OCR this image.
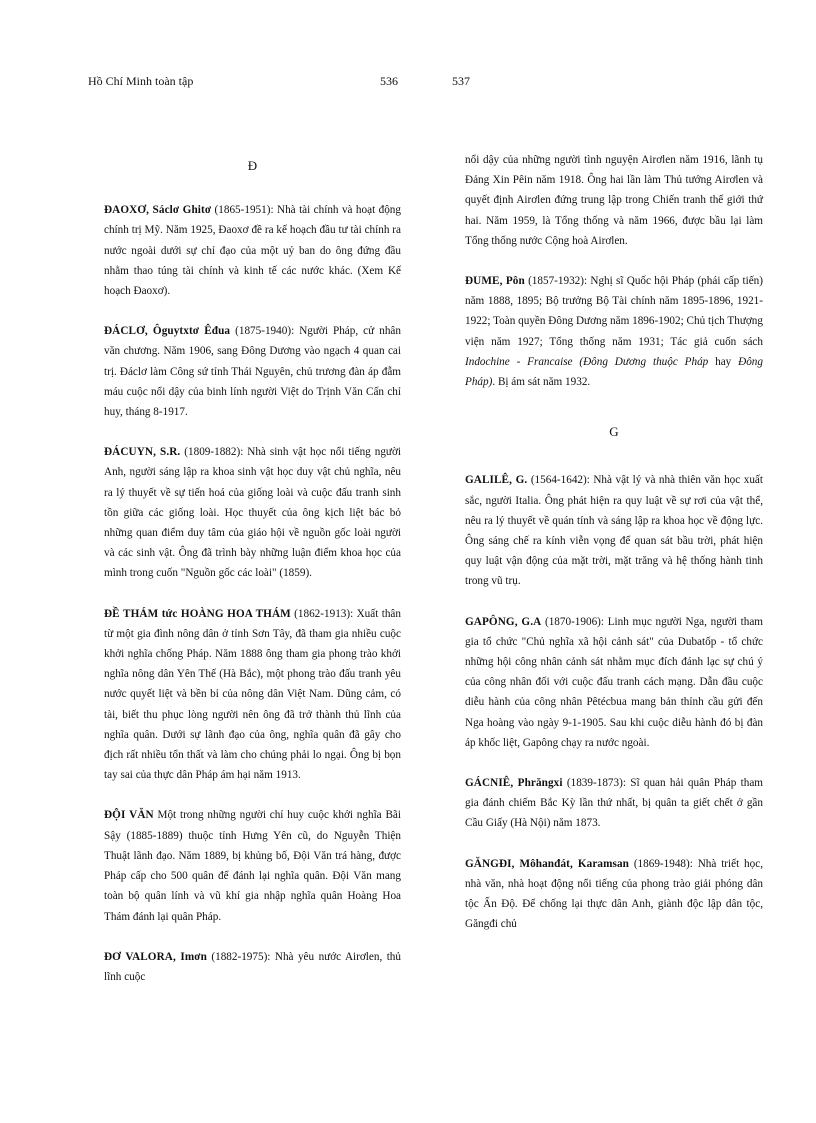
Hồ Chí Minh toàn tập	536	537
Đ

ĐAOXƠ, Sáclơ Ghitơ (1865-1951): Nhà tài chính và hoạt động chính trị Mỹ. Năm 1925, Đaoxơ đề ra kế hoạch đầu tư tài chính ra nước ngoài dưới sự chỉ đạo của một uỷ ban do ông đứng đầu nhằm thao túng tài chính và kinh tế các nước khác. (Xem Kế hoạch Đaoxơ).

ĐÁCLƠ, Ôguytxtơ Êđua (1875-1940): Người Pháp, cử nhân văn chương. Năm 1906, sang Đông Dương vào ngạch 4 quan cai trị. Đáclơ làm Công sứ tỉnh Thái Nguyên, chủ trương đàn áp đẫm máu cuộc nổi dậy của binh lính người Việt do Trịnh Văn Cấn chỉ huy, tháng 8-1917.

ĐÁCUYN, S.R. (1809-1882): Nhà sinh vật học nổi tiếng người Anh, người sáng lập ra khoa sinh vật học duy vật chủ nghĩa, nêu ra lý thuyết về sự tiến hoá của giống loài và cuộc đấu tranh sinh tồn giữa các giống loài. Học thuyết của ông kịch liệt bác bỏ những quan điểm duy tâm của giáo hội về nguồn gốc loài người và các sinh vật. Ông đã trình bày những luận điểm khoa học của mình trong cuốn "Nguồn gốc các loài" (1859).

ĐỀ THÁM tức HOÀNG HOA THÁM (1862-1913): Xuất thân từ một gia đình nông dân ở tỉnh Sơn Tây, đã tham gia nhiều cuộc khởi nghĩa chống Pháp. Năm 1888 ông tham gia phong trào khởi nghĩa nông dân Yên Thế (Hà Bắc), một phong trào đấu tranh yêu nước quyết liệt và bền bỉ của nông dân Việt Nam. Dũng cảm, có tài, biết thu phục lòng người nên ông đã trở thành thủ lĩnh của nghĩa quân. Dưới sự lãnh đạo của ông, nghĩa quân đã gây cho địch rất nhiều tổn thất và làm cho chúng phải lo ngại. Ông bị bọn tay sai của thực dân Pháp ám hại năm 1913.

ĐỘI VĂN Một trong những người chỉ huy cuộc khởi nghĩa Bãi Sậy (1885-1889) thuộc tỉnh Hưng Yên cũ, do Nguyễn Thiện Thuật lãnh đạo. Năm 1889, bị khủng bố, Đội Văn trá hàng, được Pháp cấp cho 500 quân để đánh lại nghĩa quân. Đội Văn mang toàn bộ quân lính và vũ khí gia nhập nghĩa quân Hoàng Hoa Thám đánh lại quân Pháp.

ĐƠ VALORA, Imơn (1882-1975): Nhà yêu nước Airơlen, thủ lĩnh cuộc

nổi dậy của những người tình nguyện Airơlen năm 1916, lãnh tụ Đảng Xin Pêin năm 1918. Ông hai lần làm Thủ tướng Airơlen và quyết định Airơlen đứng trung lập trong Chiến tranh thế giới thứ hai. Năm 1959, là Tổng thống và năm 1966, được bầu lại làm Tổng thống nước Cộng hoà Airơlen.

ĐUME, Pôn (1857-1932): Nghị sĩ Quốc hội Pháp (phái cấp tiến) năm 1888, 1895; Bộ trưởng Bộ Tài chính năm 1895-1896, 1921-1922; Toàn quyền Đông Dương năm 1896-1902; Chủ tịch Thượng viện năm 1927; Tổng thống năm 1931; Tác giả cuốn sách Indochine - Francaise (Đông Dương thuộc Pháp hay Đông Pháp). Bị ám sát năm 1932.

G

GALILÊ, G. (1564-1642): Nhà vật lý và nhà thiên văn học xuất sắc, người Italia. Ông phát hiện ra quy luật về sự rơi của vật thể, nêu ra lý thuyết về quán tính và sáng lập ra khoa học về động lực. Ông sáng chế ra kính viễn vọng để quan sát bầu trời, phát hiện quy luật vận động của mặt trời, mặt trăng và hệ thống hành tinh trong vũ trụ.

GAPÔNG, G.A (1870-1906): Linh mục người Nga, người tham gia tổ chức "Chủ nghĩa xã hội cảnh sát" của Dubatốp - tổ chức những hội công nhân cảnh sát nhằm mục đích đánh lạc sự chú ý của công nhân đối với cuộc đấu tranh cách mạng. Dẫn đầu cuộc diễu hành của công nhân Pêtécbua mang bản thỉnh cầu gửi đến Nga hoàng vào ngày 9-1-1905. Sau khi cuộc diễu hành đó bị đàn áp khốc liệt, Gapông chạy ra nước ngoài.

GÁCNIÊ, Phrăngxi (1839-1873): Sĩ quan hải quân Pháp tham gia đánh chiếm Bắc Kỳ lần thứ nhất, bị quân ta giết chết ở gần Cầu Giấy (Hà Nội) năm 1873.

GĂNGĐI, Môhanđát, Karamsan (1869-1948): Nhà triết học, nhà văn, nhà hoạt động nổi tiếng của phong trào giải phóng dân tộc Ấn Độ. Để chống lại thực dân Anh, giành độc lập dân tộc, Găngđi chủ
